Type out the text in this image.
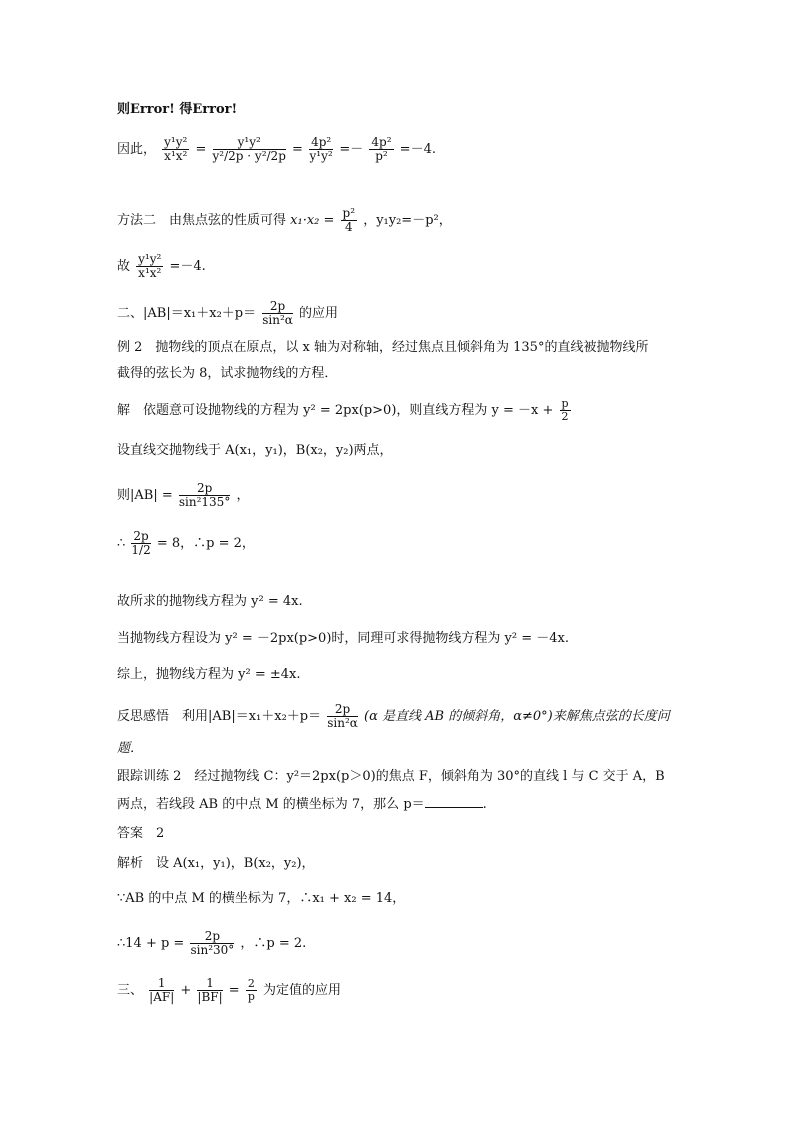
则Error! 得Error!
因此， $\frac{\text{y¹y²}}{\text{x¹x²}} = \frac{\text{y¹y²}}{\text{y²/2p · y²/2p}} = \frac{\text{4p²}}{\text{y¹y²}} =- \frac{\text{4p²}}{\text{p²}} =-4$.
方法二　由焦点弦的性质可得 $x_1\cdot x_2 = \frac{\text{p²}}{4}$ ，y₁y₂=－p²，
故 $\frac{\text{y¹y²}}{\text{x¹x²}} =-4$.
二、$|AB|=x_1+x_2+p= \frac{2p}{\text{sin²α}}$ 的应用
例 2　抛物线的顶点在原点，以 x 轴为对称轴，经过焦点且倾斜角为 135°的直线被抛物线所
截得的弦长为 8，试求抛物线的方程．
解　依题意可设抛物线的方程为 y² = 2px(p>0)，则直线方程为 $y = -x + \frac{p}{2}$
设直线交抛物线于 A(x₁，y₁)，B(x₂，y₂)两点，
则$|AB| = \frac{2p}{\text{sin²135°}}$ ，
∴ $\frac{2p}{1/2} = 8$，∴p = 2，
故所求的抛物线方程为 y² = 4x.
当抛物线方程设为 y² = －2px(p>0)时，同理可求得抛物线方程为 y² = －4x.
综上，抛物线方程为 y² = ±4x.
反思感悟　利用$|AB|=x_1+x_2+p= \frac{2p}{\text{sin²α}} (\alpha$ 是直线 AB 的倾斜角，α≠0°)来解焦点弦的长度问
题．
跟踪训练 2　经过抛物线 C：y²＝2px(p＞0)的焦点 F，倾斜角为 30°的直线 l 与 C 交于 A，B
两点，若线段 AB 的中点 M 的横坐标为 7，那么 p＝	.
答案　2
解析　设 A(x₁，y₁)，B(x₂，y₂)，
∵AB 的中点 M 的横坐标为 7，∴x₁ + x₂ = 14，
∴14 + $p = \frac{2p}{\text{sin²30°}}$ ，∴p = 2.
三、 $\frac{1}{|AF|} + \frac{1}{|BF|} = \frac{2}{p}$ 为定值的应用
